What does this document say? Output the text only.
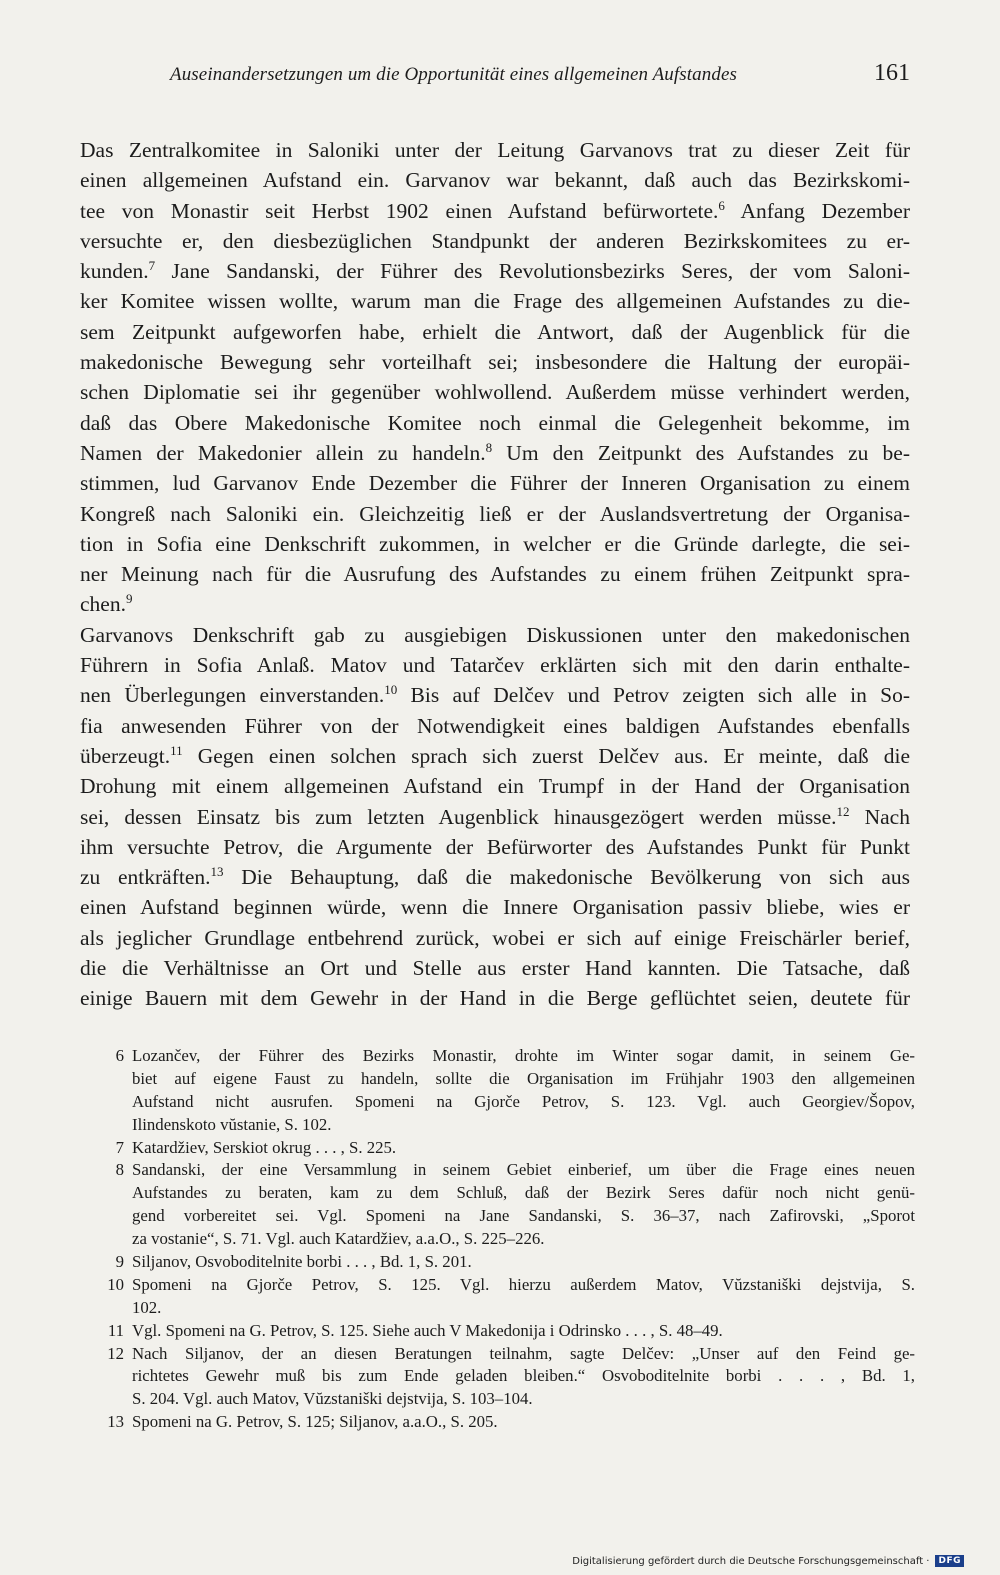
Auseinandersetzungen um die Opportunität eines allgemeinen Aufstandes	161
Das Zentralkomitee in Saloniki unter der Leitung Garvanovs trat zu dieser Zeit für
einen allgemeinen Aufstand ein. Garvanov war bekannt, daß auch das Bezirkskomi-
tee von Monastir seit Herbst 1902 einen Aufstand befürwortete.$^6$ Anfang Dezember
versuchte er, den diesbezüglichen Standpunkt der anderen Bezirkskomitees zu er-
kunden.$^7$ Jane Sandanski, der Führer des Revolutionsbezirks Seres, der vom Saloni-
ker Komitee wissen wollte, warum man die Frage des allgemeinen Aufstandes zu die-
sem Zeitpunkt aufgeworfen habe, erhielt die Antwort, daß der Augenblick für die
makedonische Bewegung sehr vorteilhaft sei; insbesondere die Haltung der europäi-
schen Diplomatie sei ihr gegenüber wohlwollend. Außerdem müsse verhindert werden,
daß das Obere Makedonische Komitee noch einmal die Gelegenheit bekomme, im
Namen der Makedonier allein zu handeln.$^8$ Um den Zeitpunkt des Aufstandes zu be-
stimmen, lud Garvanov Ende Dezember die Führer der Inneren Organisation zu einem
Kongreß nach Saloniki ein. Gleichzeitig ließ er der Auslandsvertretung der Organisa-
tion in Sofia eine Denkschrift zukommen, in welcher er die Gründe darlegte, die sei-
ner Meinung nach für die Ausrufung des Aufstandes zu einem frühen Zeitpunkt spra-
chen.$^9$
Garvanovs Denkschrift gab zu ausgiebigen Diskussionen unter den makedonischen
Führern in Sofia Anlaß. Matov und Tatarčev erklärten sich mit den darin enthalte-
nen Überlegungen einverstanden.$^{10}$ Bis auf Delčev und Petrov zeigten sich alle in So-
fia anwesenden Führer von der Notwendigkeit eines baldigen Aufstandes ebenfalls
überzeugt.$^{11}$ Gegen einen solchen sprach sich zuerst Delčev aus. Er meinte, daß die
Drohung mit einem allgemeinen Aufstand ein Trumpf in der Hand der Organisation
sei, dessen Einsatz bis zum letzten Augenblick hinausgezögert werden müsse.$^{12}$ Nach
ihm versuchte Petrov, die Argumente der Befürworter des Aufstandes Punkt für Punkt
zu entkräften.$^{13}$ Die Behauptung, daß die makedonische Bevölkerung von sich aus
einen Aufstand beginnen würde, wenn die Innere Organisation passiv bliebe, wies er
als jeglicher Grundlage entbehrend zurück, wobei er sich auf einige Freischärler berief,
die die Verhältnisse an Ort und Stelle aus erster Hand kannten. Die Tatsache, daß
einige Bauern mit dem Gewehr in der Hand in die Berge geflüchtet seien, deutete für
6 Lozančev, der Führer des Bezirks Monastir, drohte im Winter sogar damit, in seinem Ge-
biet auf eigene Faust zu handeln, sollte die Organisation im Frühjahr 1903 den allgemeinen
Aufstand nicht ausrufen. Spomeni na Gjorče Petrov, S. 123. Vgl. auch Georgiev/Šopov,
Ilindenskoto vŭstanie, S. 102.
7 Katardžiev, Serskiot okrug . . . , S. 225.
8 Sandanski, der eine Versammlung in seinem Gebiet einberief, um über die Frage eines neuen
Aufstandes zu beraten, kam zu dem Schluß, daß der Bezirk Seres dafür noch nicht genü-
gend vorbereitet sei. Vgl. Spomeni na Jane Sandanski, S. 36–37, nach Zafirovski, „Sporot
za vostanie“, S. 71. Vgl. auch Katardžiev, a.a.O., S. 225–226.
9 Siljanov, Osvoboditelnite borbi . . . , Bd. 1, S. 201.
10 Spomeni na Gjorče Petrov, S. 125. Vgl. hierzu außerdem Matov, Vŭzstaniški dejstvija, S.
102.
11 Vgl. Spomeni na G. Petrov, S. 125. Siehe auch V Makedonija i Odrinsko . . . , S. 48–49.
12 Nach Siljanov, der an diesen Beratungen teilnahm, sagte Delčev: „Unser auf den Feind ge-
richtetes Gewehr muß bis zum Ende geladen bleiben.“ Osvoboditelnite borbi . . . , Bd. 1,
S. 204. Vgl. auch Matov, Vŭzstaniški dejstvija, S. 103–104.
13 Spomeni na G. Petrov, S. 125; Siljanov, a.a.O., S. 205.
Digitalisierung gefördert durch die Deutsche Forschungsgemeinschaft ·	DFG
